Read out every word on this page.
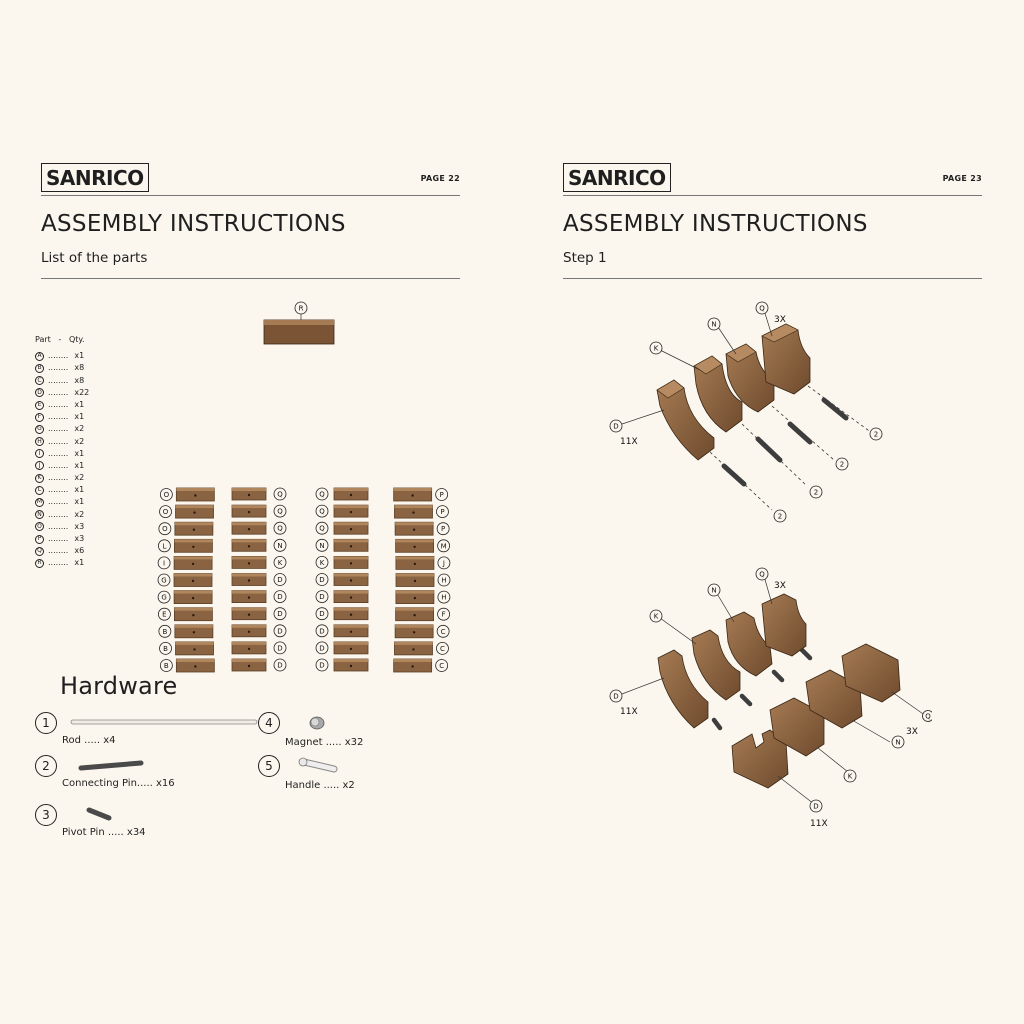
SANRICO	PAGE 22
ASSEMBLY INSTRUCTIONS
List of the parts
Part   -   Qty.
A ........ x1
B ........ x8
C ........ x8
D ........ x22
E ........ x1
F ........ x1
G ........ x2
H ........ x2
I ........ x1
J ........ x1
K ........ x2
L ........ x1
M ........ x1
N ........ x2
O ........ x3
P ........ x3
Q ........ x6
R ........ x1
R
O	P
Q	Q
O	P
Q	Q
O	P
Q	Q
L	M
N	N
I	J
K	K
G	H
D	D
G	H
D	D
E	F
D	D
B	C
D	D
B	C
D	D
B	C
D	D
Hardware
1
Rod ..... x4
2
Connecting Pin..... x16
3
Pivot Pin ..... x34
4
Magnet ..... x32
5
Handle ..... x2
SANRICO	PAGE 23
ASSEMBLY INSTRUCTIONS
Step 1
D
K
N
Q
2
2
2
2
11X
3X
D
K
N
Q
D
K
N
Q
11X
3X
11X
3X
